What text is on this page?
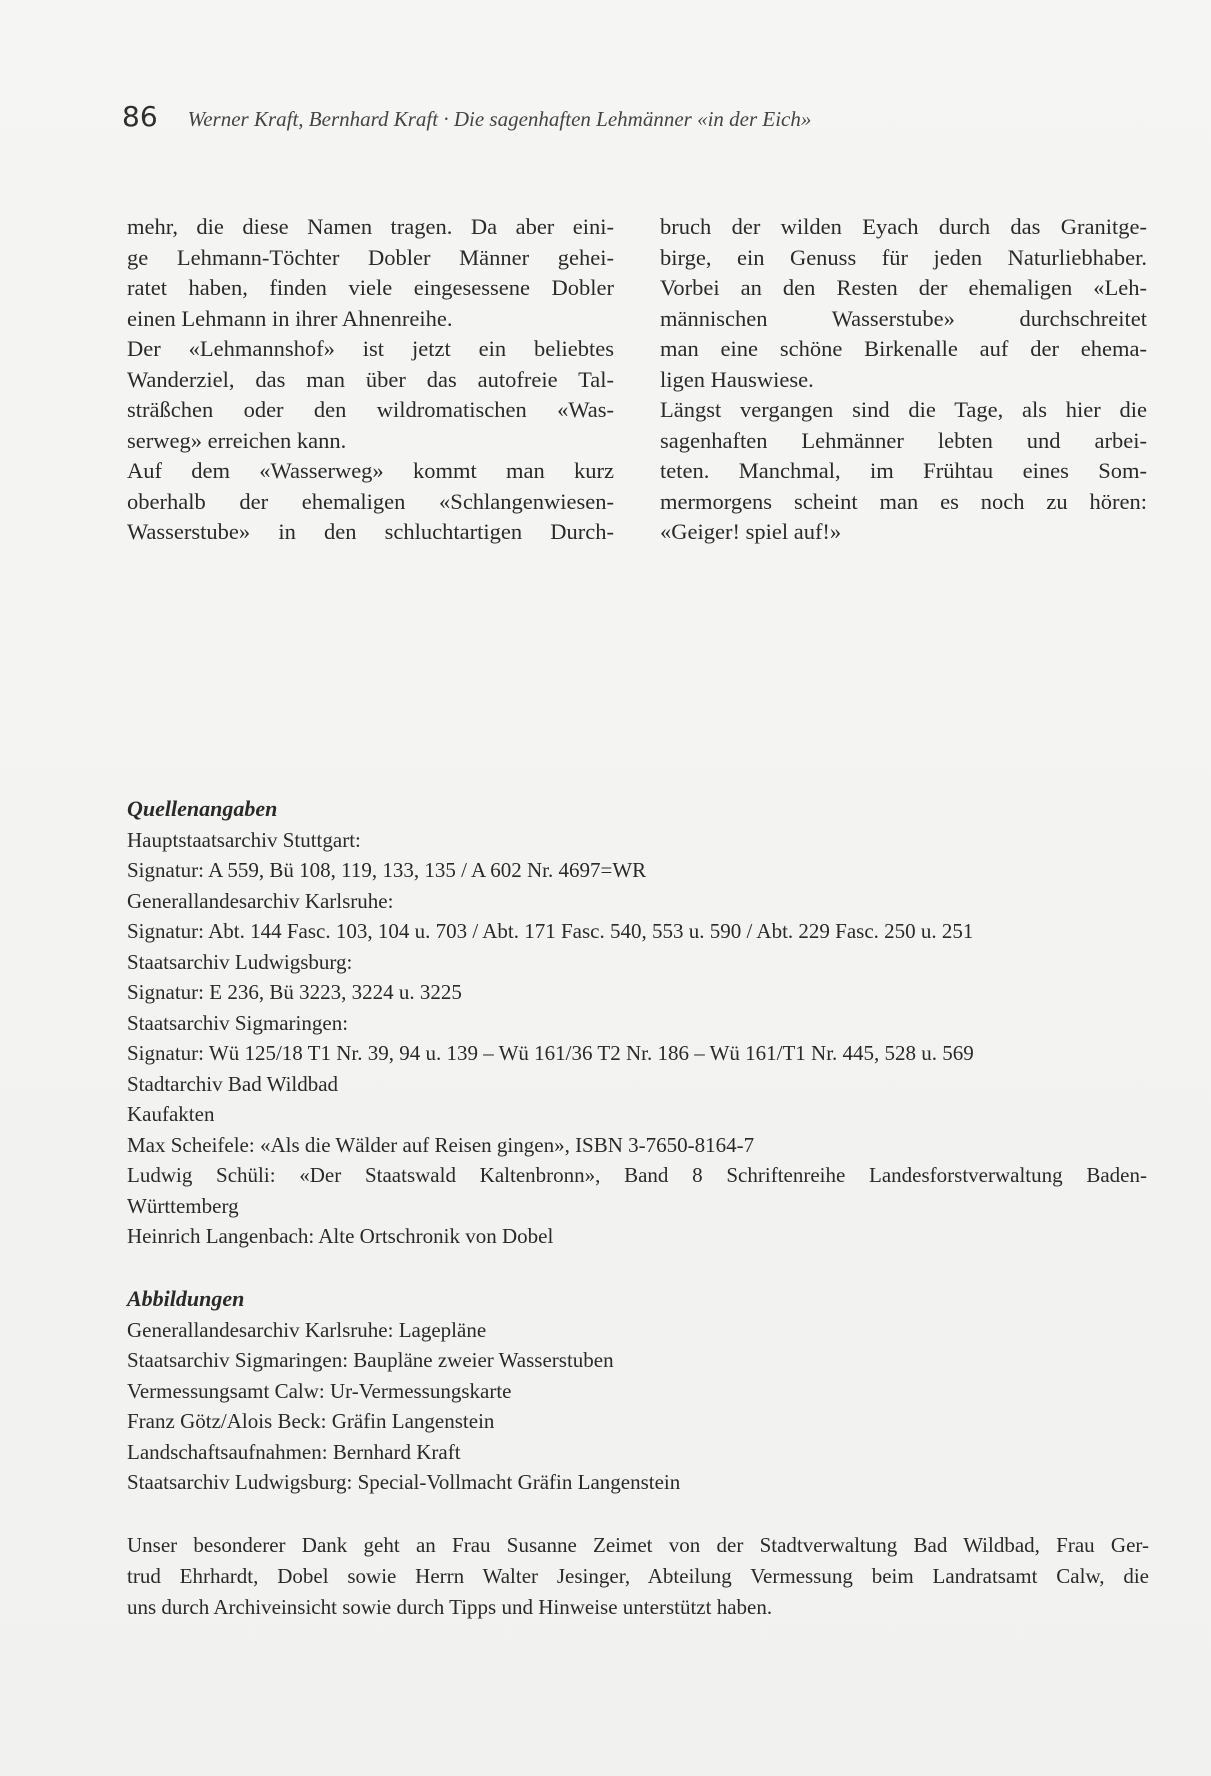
86 Werner Kraft, Bernhard Kraft · Die sagenhaften Lehmänner «in der Eich»
mehr, die diese Namen tragen. Da aber eini-
ge Lehmann-Töchter Dobler Männer gehei-
ratet haben, finden viele eingesessene Dobler
einen Lehmann in ihrer Ahnenreihe.
Der «Lehmannshof» ist jetzt ein beliebtes
Wanderziel, das man über das autofreie Tal-
sträßchen oder den wildromatischen «Was-
serweg» erreichen kann.
Auf dem «Wasserweg» kommt man kurz
oberhalb der ehemaligen «Schlangenwiesen-
Wasserstube» in den schluchtartigen Durch-
bruch der wilden Eyach durch das Granitge-
birge, ein Genuss für jeden Naturliebhaber.
Vorbei an den Resten der ehemaligen «Leh-
männischen Wasserstube» durchschreitet
man eine schöne Birkenalle auf der ehema-
ligen Hauswiese.
Längst vergangen sind die Tage, als hier die
sagenhaften Lehmänner lebten und arbei-
teten. Manchmal, im Frühtau eines Som-
mermorgens scheint man es noch zu hören:
«Geiger! spiel auf!»
Quellenangaben
Hauptstaatsarchiv Stuttgart:
Signatur: A 559, Bü 108, 119, 133, 135 / A 602 Nr. 4697=WR
Generallandesarchiv Karlsruhe:
Signatur: Abt. 144 Fasc. 103, 104 u. 703 / Abt. 171 Fasc. 540, 553 u. 590 / Abt. 229 Fasc. 250 u. 251
Staatsarchiv Ludwigsburg:
Signatur: E 236, Bü 3223, 3224 u. 3225
Staatsarchiv Sigmaringen:
Signatur: Wü 125/18 T1 Nr. 39, 94 u. 139 – Wü 161/36 T2 Nr. 186 – Wü 161/T1 Nr. 445, 528 u. 569
Stadtarchiv Bad Wildbad
Kaufakten
Max Scheifele: «Als die Wälder auf Reisen gingen», ISBN 3-7650-8164-7
Ludwig Schüli: «Der Staatswald Kaltenbronn», Band 8 Schriftenreihe Landesforstverwaltung Baden-
Württemberg
Heinrich Langenbach: Alte Ortschronik von Dobel
Abbildungen
Generallandesarchiv Karlsruhe: Lagepläne
Staatsarchiv Sigmaringen: Baupläne zweier Wasserstuben
Vermessungsamt Calw: Ur-Vermessungskarte
Franz Götz/Alois Beck: Gräfin Langenstein
Landschaftsaufnahmen: Bernhard Kraft
Staatsarchiv Ludwigsburg: Special-Vollmacht Gräfin Langenstein
Unser besonderer Dank geht an Frau Susanne Zeimet von der Stadtverwaltung Bad Wildbad, Frau Ger-
trud Ehrhardt, Dobel sowie Herrn Walter Jesinger, Abteilung Vermessung beim Landratsamt Calw, die
uns durch Archiveinsicht sowie durch Tipps und Hinweise unterstützt haben.
